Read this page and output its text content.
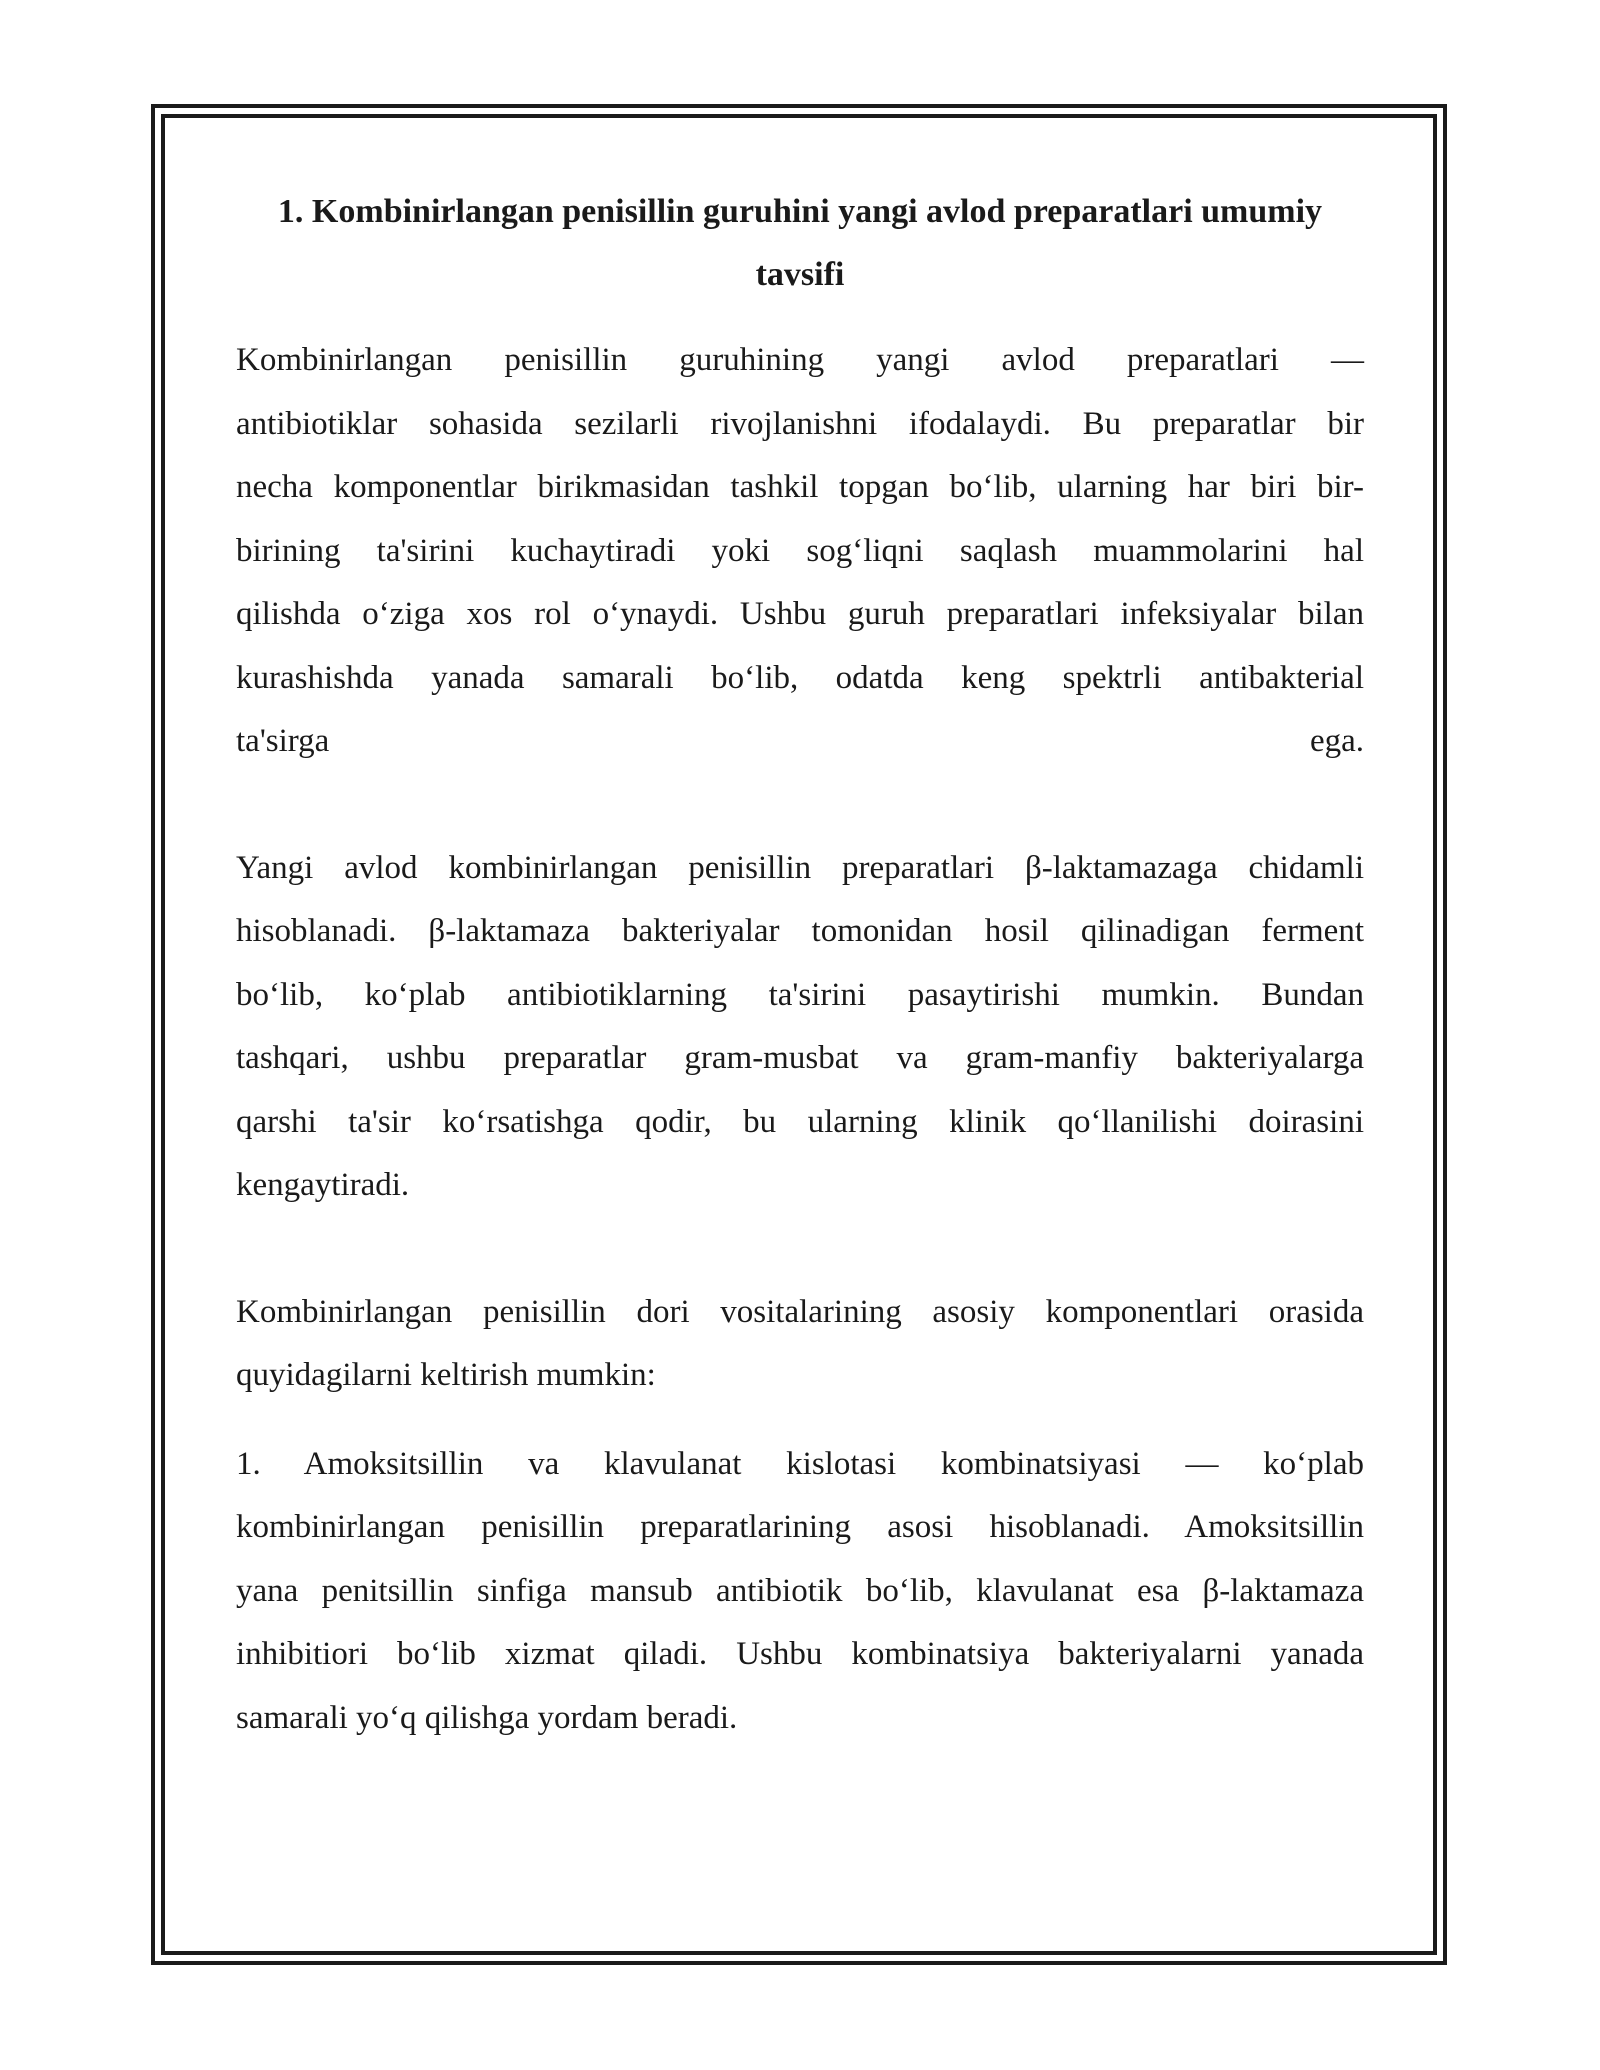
1. Kombinirlangan penisillin guruhini yangi avlod preparatlari umumiy
tavsifi
Kombinirlangan penisillin guruhining yangi avlod preparatlari —
antibiotiklar sohasida sezilarli rivojlanishni ifodalaydi. Bu preparatlar bir
necha komponentlar birikmasidan tashkil topgan bo‘lib, ularning har biri bir-
birining ta'sirini kuchaytiradi yoki sog‘liqni saqlash muammolarini hal
qilishda o‘ziga xos rol o‘ynaydi. Ushbu guruh preparatlari infeksiyalar bilan
kurashishda yanada samarali bo‘lib, odatda keng spektrli antibakterial
ta'sirga ega.
Yangi avlod kombinirlangan penisillin preparatlari β-laktamazaga chidamli
hisoblanadi. β-laktamaza bakteriyalar tomonidan hosil qilinadigan ferment
bo‘lib, ko‘plab antibiotiklarning ta'sirini pasaytirishi mumkin. Bundan
tashqari, ushbu preparatlar gram-musbat va gram-manfiy bakteriyalarga
qarshi ta'sir ko‘rsatishga qodir, bu ularning klinik qo‘llanilishi doirasini
kengaytiradi.
Kombinirlangan penisillin dori vositalarining asosiy komponentlari orasida
quyidagilarni keltirish mumkin:
1. Amoksitsillin va klavulanat kislotasi kombinatsiyasi — ko‘plab
kombinirlangan penisillin preparatlarining asosi hisoblanadi. Amoksitsillin
yana penitsillin sinfiga mansub antibiotik bo‘lib, klavulanat esa β-laktamaza
inhibitiori bo‘lib xizmat qiladi. Ushbu kombinatsiya bakteriyalarni yanada
samarali yo‘q qilishga yordam beradi.
